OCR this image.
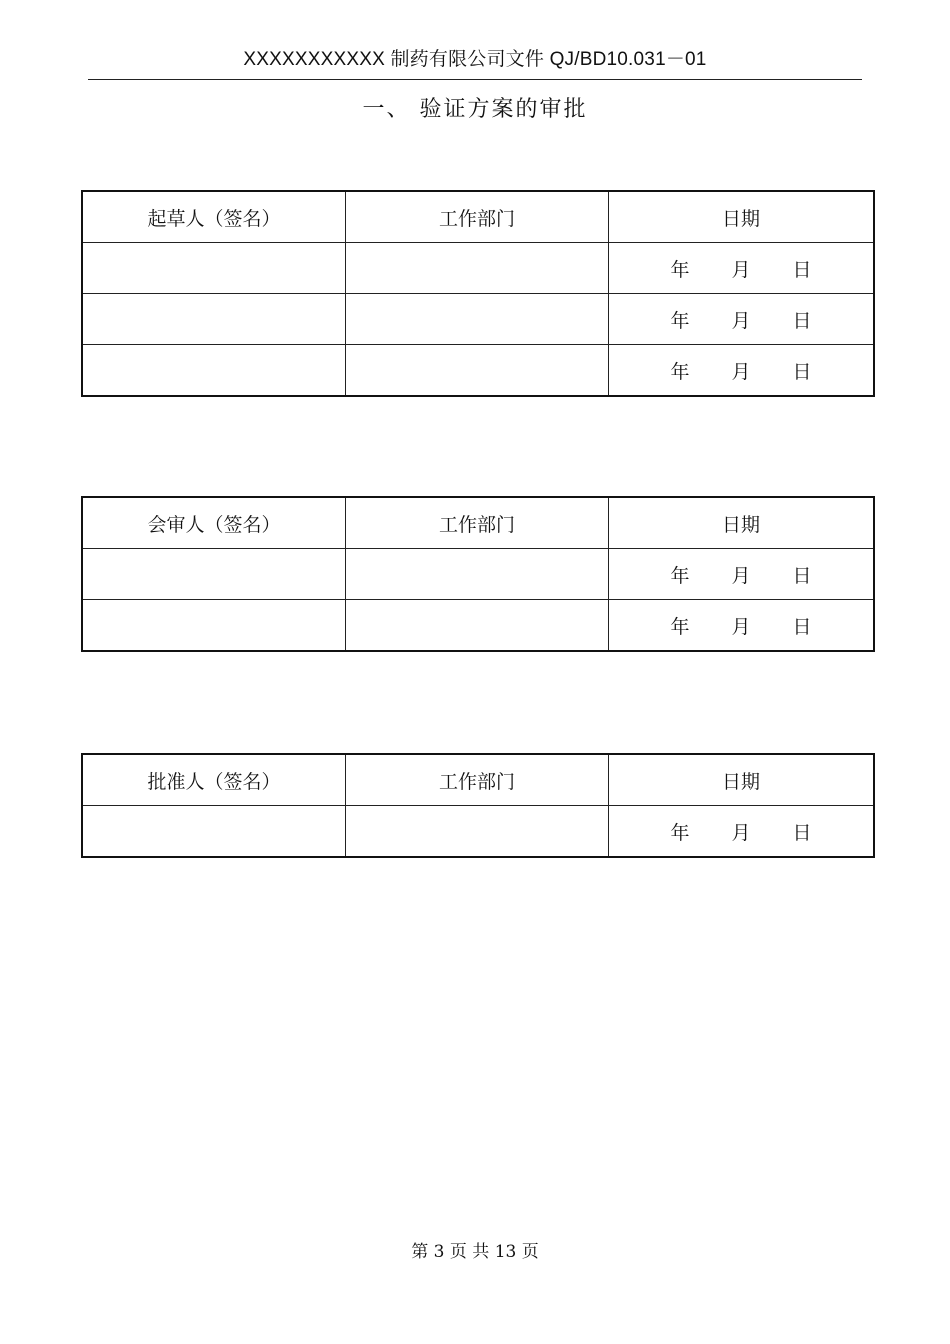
XXXXXXXXXXX 制药有限公司文件 QJ/BD10.031－01
一、 验证方案的审批
起草人（签名）	工作部门	日期
		年 月 日
		年 月 日
		年 月 日
会审人（签名）	工作部门	日期
		年 月 日
		年 月 日
批准人（签名）	工作部门	日期
		年 月 日
第 3 页 共 13 页
